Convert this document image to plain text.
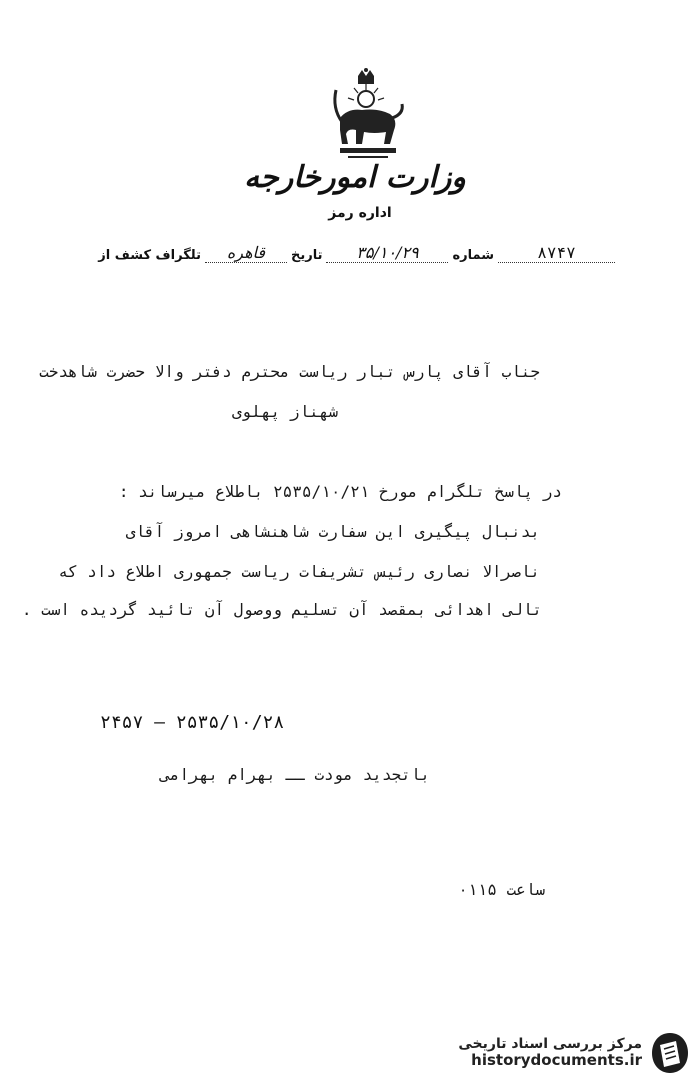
وزارت امورخارجه
اداره رمز
تلگراف کشف از	قاهره	تاریخ	۳۵/۱۰/۲۹	شماره	۸۷۴۷
جناب آقای پارس تبار ریاست محترم دفتر والا حضرت شاهدخت
شهناز پهلوی
در پاسخ تلگرام مورخ ۲۵۳۵/۱۰/۲۱ باطلاع میرساند :
بدنبال پیگیری این سفارت شاهنشاهی امروز آقای
ناصرالا نصاری رئیس تشریفات ریاست جمهوری اطلاع داد که
تالی اهدائی بمقصد آن تسلیم ووصول آن تائید گردیده است .
۲۴۵۷ — ۲۵۳۵/۱۰/۲۸
باتجدید مودت ــ بهرام بهرامی
ساعت ۰۱۱۵
مرکز بررسی اسناد تاریخی
historydocuments.ir
